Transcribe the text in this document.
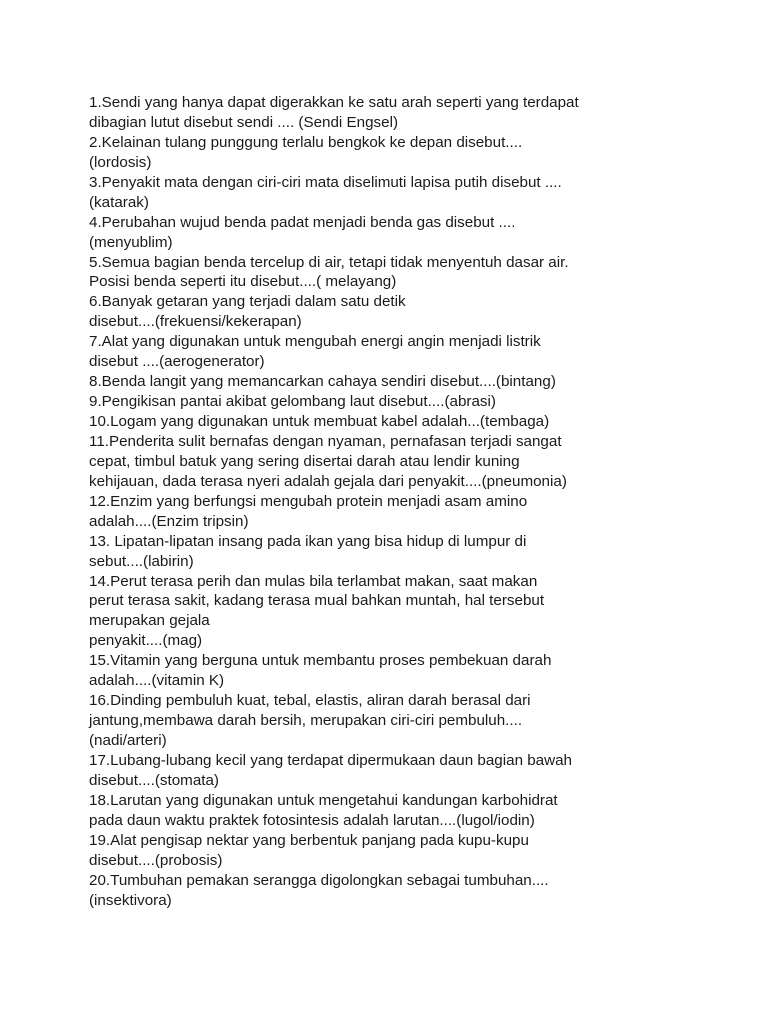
1.Sendi yang hanya dapat digerakkan ke satu arah seperti yang terdapat
dibagian lutut disebut sendi .... (Sendi Engsel)
2.Kelainan tulang punggung terlalu bengkok ke depan disebut....
(lordosis)
3.Penyakit mata dengan ciri-ciri mata diselimuti lapisa putih disebut ....
(katarak)
4.Perubahan wujud benda padat menjadi benda gas disebut ....
(menyublim)
5.Semua bagian benda tercelup di air, tetapi tidak menyentuh dasar air.
Posisi benda seperti itu disebut....( melayang)
6.Banyak getaran yang terjadi dalam satu detik
disebut....(frekuensi/kekerapan)
7.Alat yang digunakan untuk mengubah energi angin menjadi listrik
disebut ....(aerogenerator)
8.Benda langit yang memancarkan cahaya sendiri disebut....(bintang)
9.Pengikisan pantai akibat gelombang laut disebut....(abrasi)
10.Logam yang digunakan untuk membuat kabel adalah...(tembaga)
11.Penderita sulit bernafas dengan nyaman, pernafasan terjadi sangat
cepat, timbul batuk yang sering disertai darah atau lendir kuning
kehijauan, dada terasa nyeri adalah gejala dari penyakit....(pneumonia)
12.Enzim yang berfungsi mengubah protein menjadi asam amino
adalah....(Enzim tripsin)
13. Lipatan-lipatan insang pada ikan yang bisa hidup di lumpur di
sebut....(labirin)
14.Perut terasa perih dan mulas bila terlambat makan, saat makan
perut terasa sakit, kadang terasa mual bahkan muntah, hal tersebut
merupakan gejala
penyakit....(mag)
15.Vitamin yang berguna untuk membantu proses pembekuan darah
adalah....(vitamin K)
16.Dinding pembuluh kuat, tebal, elastis, aliran darah berasal dari
jantung,membawa darah bersih, merupakan ciri-ciri pembuluh....
(nadi/arteri)
17.Lubang-lubang kecil yang terdapat dipermukaan daun bagian bawah
disebut....(stomata)
18.Larutan yang digunakan untuk mengetahui kandungan karbohidrat
pada daun waktu praktek fotosintesis adalah larutan....(lugol/iodin)
19.Alat pengisap nektar yang berbentuk panjang pada kupu-kupu
disebut....(probosis)
20.Tumbuhan pemakan serangga digolongkan sebagai tumbuhan....
(insektivora)
